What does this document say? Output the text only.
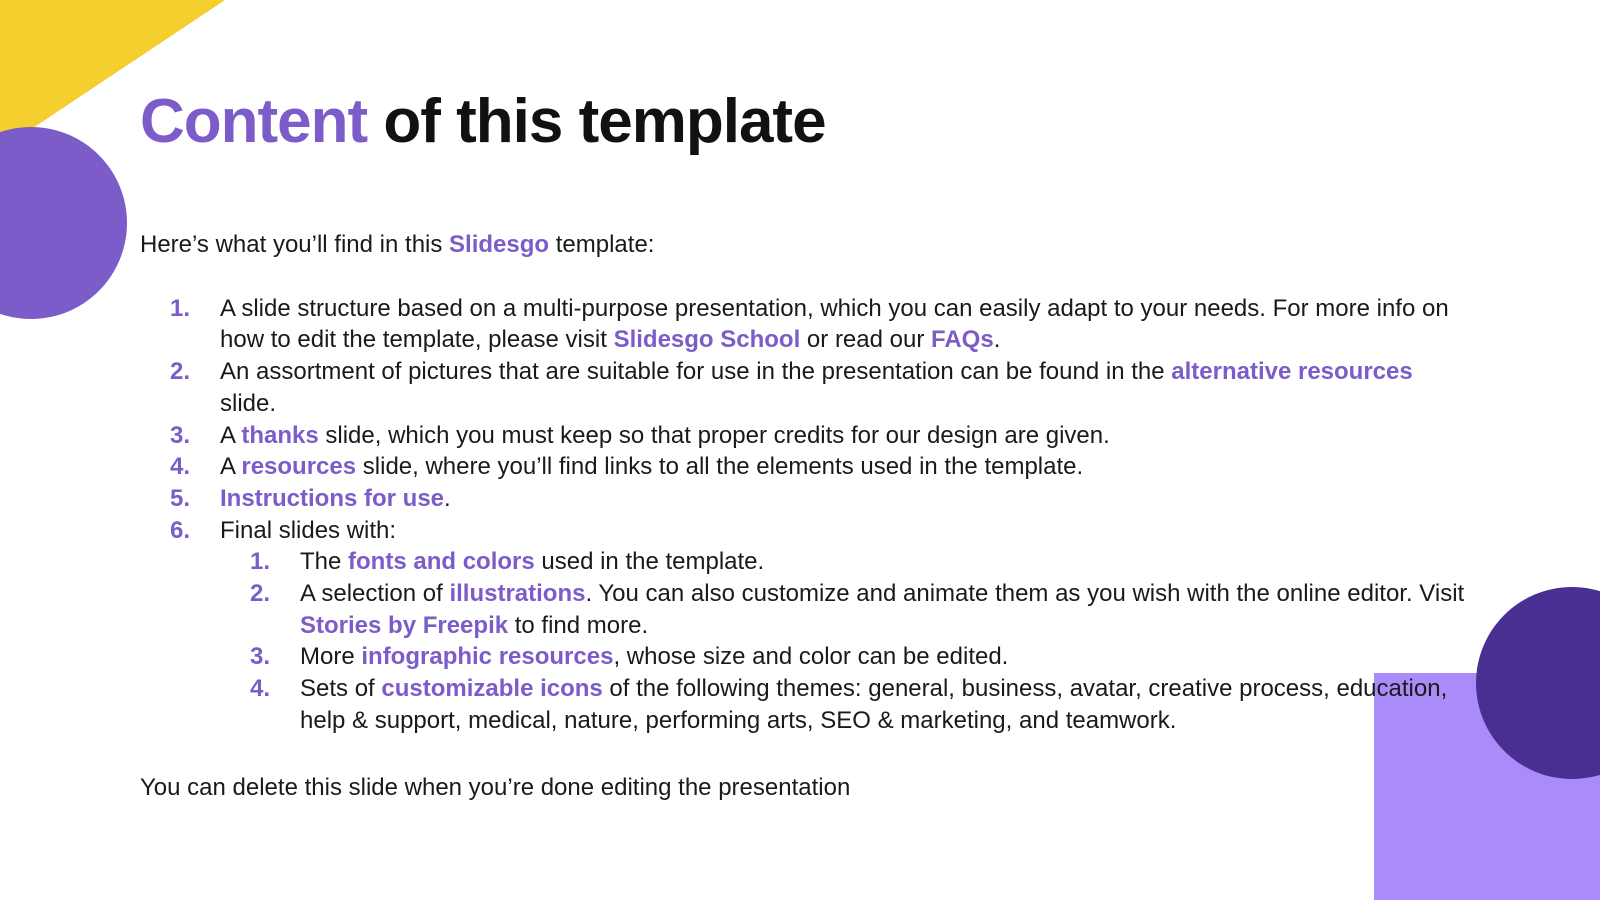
Content of this template

Here’s what you’ll find in this Slidesgo template:

1.	A slide structure based on a multi-purpose presentation, which you can easily adapt to your needs. For more info on how to edit the template, please visit Slidesgo School or read our FAQs.
2.	An assortment of pictures that are suitable for use in the presentation can be found in the alternative resources slide.
3.	A thanks slide, which you must keep so that proper credits for our design are given.
4.	A resources slide, where you’ll find links to all the elements used in the template.
5.	Instructions for use.
6.	Final slides with:
1.	The fonts and colors used in the template.
2.	A selection of illustrations. You can also customize and animate them as you wish with the online editor. Visit Stories by Freepik to find more.
3.	More infographic resources, whose size and color can be edited.
4.	Sets of customizable icons of the following themes: general, business, avatar, creative process, education, help & support, medical, nature, performing arts, SEO & marketing, and teamwork.

You can delete this slide when you’re done editing the presentation
